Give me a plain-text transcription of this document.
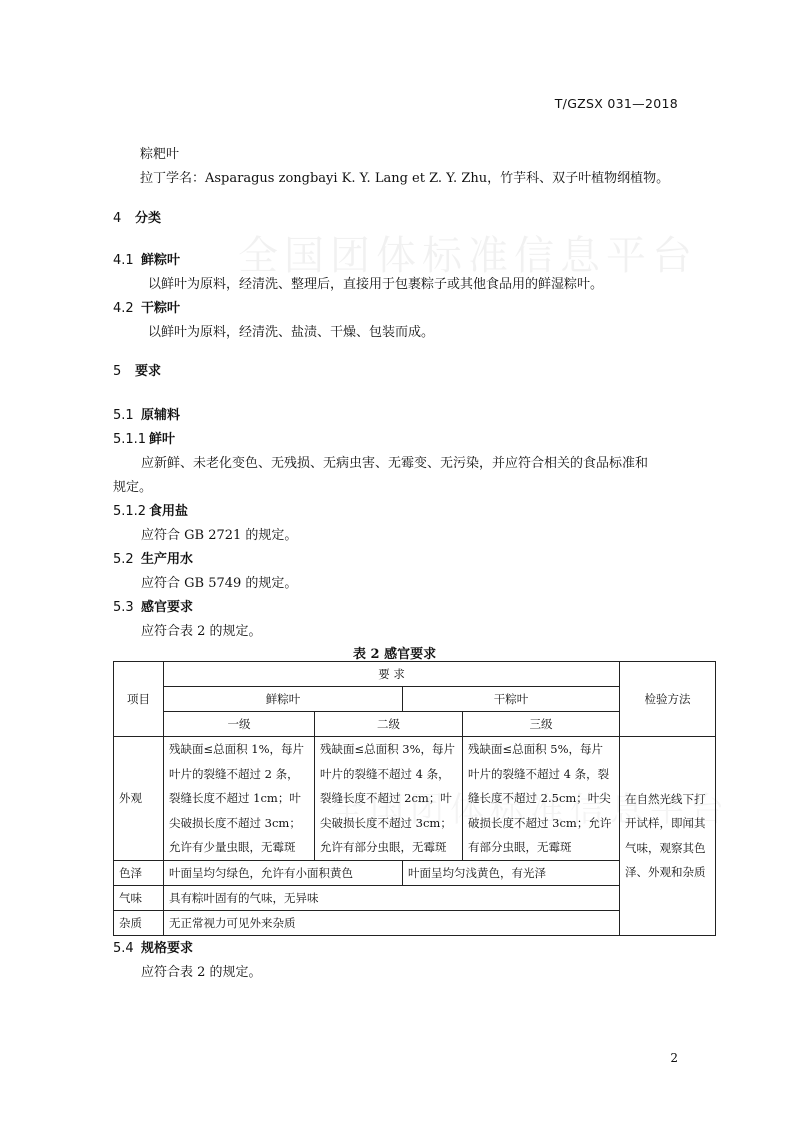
全国团体标准信息平台
T/GZSX 031—2018
粽粑叶
拉丁学名：Asparagus zongbayi K. Y. Lang et Z. Y. Zhu，竹芋科、双子叶植物纲植物。
4 分类
4.1 鲜粽叶
以鲜叶为原料，经清洗、整理后，直接用于包裹粽子或其他食品用的鲜湿粽叶。
4.2 干粽叶
以鲜叶为原料，经清洗、盐渍、干燥、包装而成。
5 要求
5.1 原辅料
5.1.1 鲜叶
应新鲜、未老化变色、无残损、无病虫害、无霉变、无污染，并应符合相关的食品标准和
规定。
5.1.2 食用盐
应符合 GB 2721 的规定。
5.2 生产用水
应符合 GB 5749 的规定。
5.3 感官要求
应符合表 2 的规定。
表 2 感官要求
项目	要 求				检验方法
	鲜粽叶		干粽叶		
	一级	二级		三级	
外观	残缺面≤总面积 1%，每片叶片的裂缝不超过 2 条，裂缝长度不超过 1cm；叶尖破损长度不超过 3cm；允许有少量虫眼，无霉斑	残缺面≤总面积 3%，每片叶片的裂缝不超过 4 条，裂缝长度不超过 2cm；叶尖破损长度不超过 3cm；允许有部分虫眼，无霉斑		残缺面≤总面积 5%，每片叶片的裂缝不超过 4 条，裂缝长度不超过 2.5cm；叶尖破损长度不超过 3cm；允许有部分虫眼，无霉斑	在自然光线下打开试样，即闻其气味，观察其色泽、外观和杂质

色泽	叶面呈均匀绿色，允许有小面积黄色		叶面呈均匀浅黄色，有光泽		
气味	具有粽叶固有的气味，无异味				
杂质	无正常视力可见外来杂质				
5.4 规格要求
应符合表 2 的规定。
2
